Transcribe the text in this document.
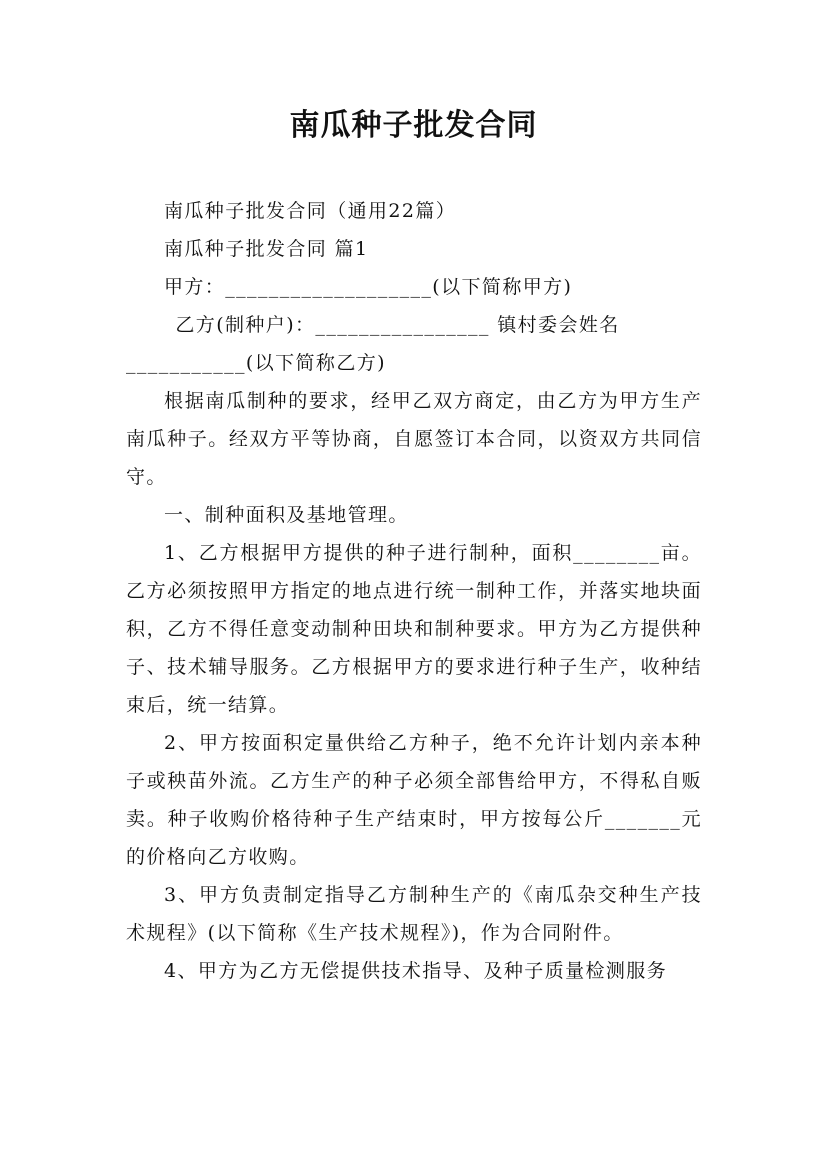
南瓜种子批发合同

南瓜种子批发合同（通用22篇）

南瓜种子批发合同 篇1

甲方：___________________(以下简称甲方)

乙方(制种户)：________________ 镇村委会姓名___________(以下简称乙方)

根据南瓜制种的要求，经甲乙双方商定，由乙方为甲方生产南瓜种子。经双方平等协商，自愿签订本合同，以资双方共同信守。

一、制种面积及基地管理。

1、乙方根据甲方提供的种子进行制种，面积________亩。乙方必须按照甲方指定的地点进行统一制种工作，并落实地块面积，乙方不得任意变动制种田块和制种要求。甲方为乙方提供种子、技术辅导服务。乙方根据甲方的要求进行种子生产，收种结束后，统一结算。

2、甲方按面积定量供给乙方种子，绝不允许计划内亲本种子或秧苗外流。乙方生产的种子必须全部售给甲方，不得私自贩卖。种子收购价格待种子生产结束时，甲方按每公斤_______元的价格向乙方收购。

3、甲方负责制定指导乙方制种生产的《南瓜杂交种生产技术规程》(以下简称《生产技术规程》)，作为合同附件。

4、甲方为乙方无偿提供技术指导、及种子质量检测服务
